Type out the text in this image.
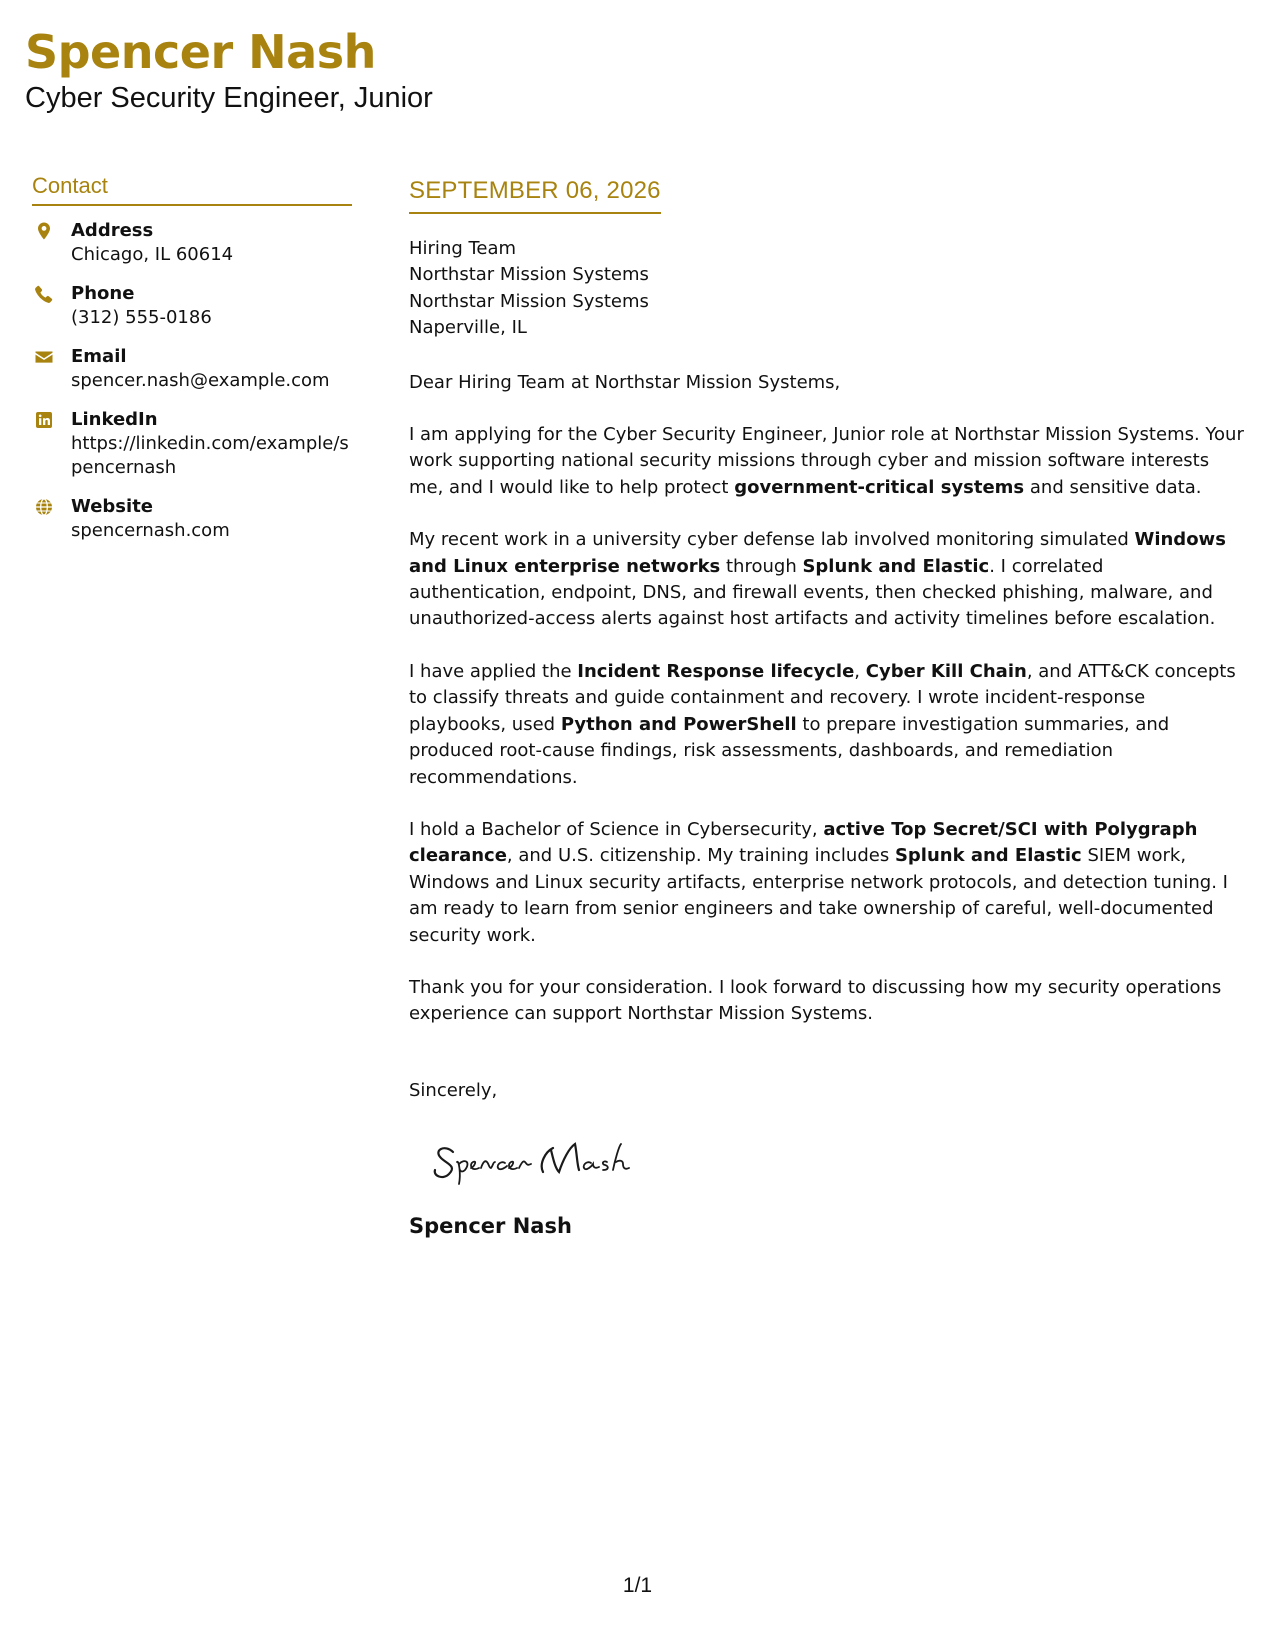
Spencer Nash
Cyber Security Engineer, Junior
Contact
Address
Chicago, IL 60614
Phone
(312) 555-0186
Email
spencer.nash@example.com
LinkedIn
https://linkedin.com/example/spencernash
Website
spencernash.com
SEPTEMBER 06, 2026
Hiring Team
Northstar Mission Systems
Northstar Mission Systems
Naperville, IL

Dear Hiring Team at Northstar Mission Systems,

I am applying for the Cyber Security Engineer, Junior role at Northstar Mission Systems. Your work supporting national security missions through cyber and mission software interests me, and I would like to help protect government-critical systems and sensitive data.

My recent work in a university cyber defense lab involved monitoring simulated Windows and Linux enterprise networks through Splunk and Elastic. I correlated authentication, endpoint, DNS, and firewall events, then checked phishing, malware, and unauthorized-access alerts against host artifacts and activity timelines before escalation.

I have applied the Incident Response lifecycle, Cyber Kill Chain, and ATT&CK concepts to classify threats and guide containment and recovery. I wrote incident-response playbooks, used Python and PowerShell to prepare investigation summaries, and produced root-cause findings, risk assessments, dashboards, and remediation recommendations.

I hold a Bachelor of Science in Cybersecurity, active Top Secret/SCI with Polygraph clearance, and U.S. citizenship. My training includes Splunk and Elastic SIEM work, Windows and Linux security artifacts, enterprise network protocols, and detection tuning. I am ready to learn from senior engineers and take ownership of careful, well-documented security work.

Thank you for your consideration. I look forward to discussing how my security operations experience can support Northstar Mission Systems.

Sincerely,

Spencer Nash
1/1
